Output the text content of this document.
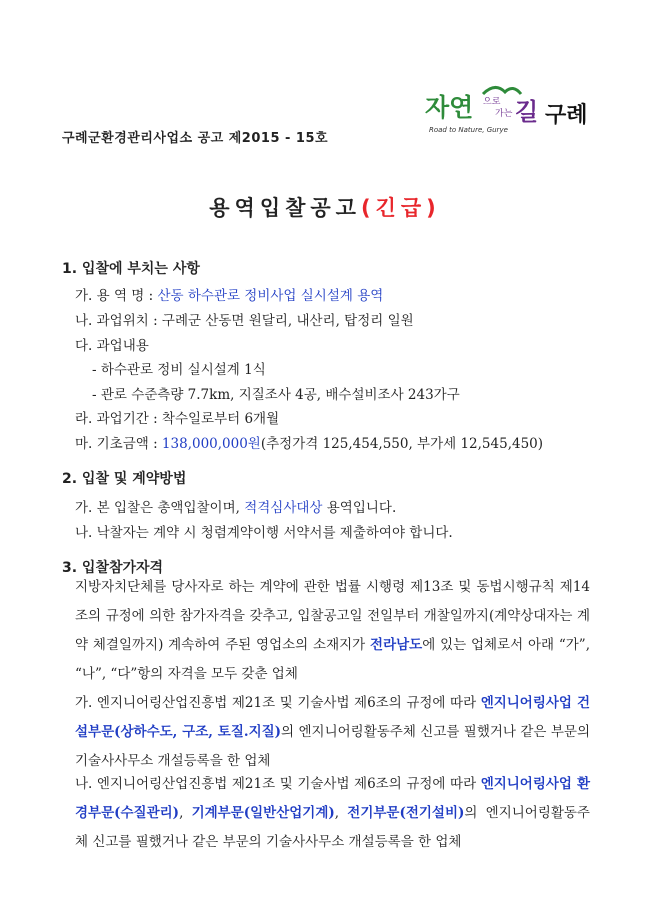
구례군환경관리사업소 공고 제2015 - 15호
자연 으로
가는 길 구례
Road to Nature, Gurye
용역입찰공고(긴급)
1. 입찰에 부치는 사항
가. 용 역 명 : 산동 하수관로 정비사업 실시설계 용역
나. 과업위치 : 구례군 산동면 원달리, 내산리, 탑정리 일원
다. 과업내용
- 하수관로 정비 실시설계 1식
- 관로 수준측량 7.7km, 지질조사 4공, 배수설비조사 243가구
라. 과업기간 : 착수일로부터 6개월
마. 기초금액 : 138,000,000원(추정가격 125,454,550, 부가세 12,545,450)
2. 입찰 및 계약방법
가. 본 입찰은 총액입찰이며, 적격심사대상 용역입니다.
나. 낙찰자는 계약 시 청렴계약이행 서약서를 제출하여야 합니다.
3. 입찰참가자격
지방자치단체를 당사자로 하는 계약에 관한 법률 시행령 제13조 및 동법시행규칙 제14조의 규정에 의한 참가자격을 갖추고, 입찰공고일 전일부터 개찰일까지(계약상대자는 계약 체결일까지) 계속하여 주된 영업소의 소재지가 전라남도에 있는 업체로서 아래 “가”, “나”, “다”항의 자격을 모두 갖춘 업체
가. 엔지니어링산업진흥법 제21조 및 기술사법 제6조의 규정에 따라 엔지니어링사업 건설부문(상하수도, 구조, 토질.지질)의 엔지니어링활동주체 신고를 필했거나 같은 부문의 기술사사무소 개설등록을 한 업체
나. 엔지니어링산업진흥법 제21조 및 기술사법 제6조의 규정에 따라 엔지니어링사업 환경부문(수질관리), 기계부문(일반산업기계), 전기부문(전기설비)의 엔지니어링활동주체 신고를 필했거나 같은 부문의 기술사사무소 개설등록을 한 업체
